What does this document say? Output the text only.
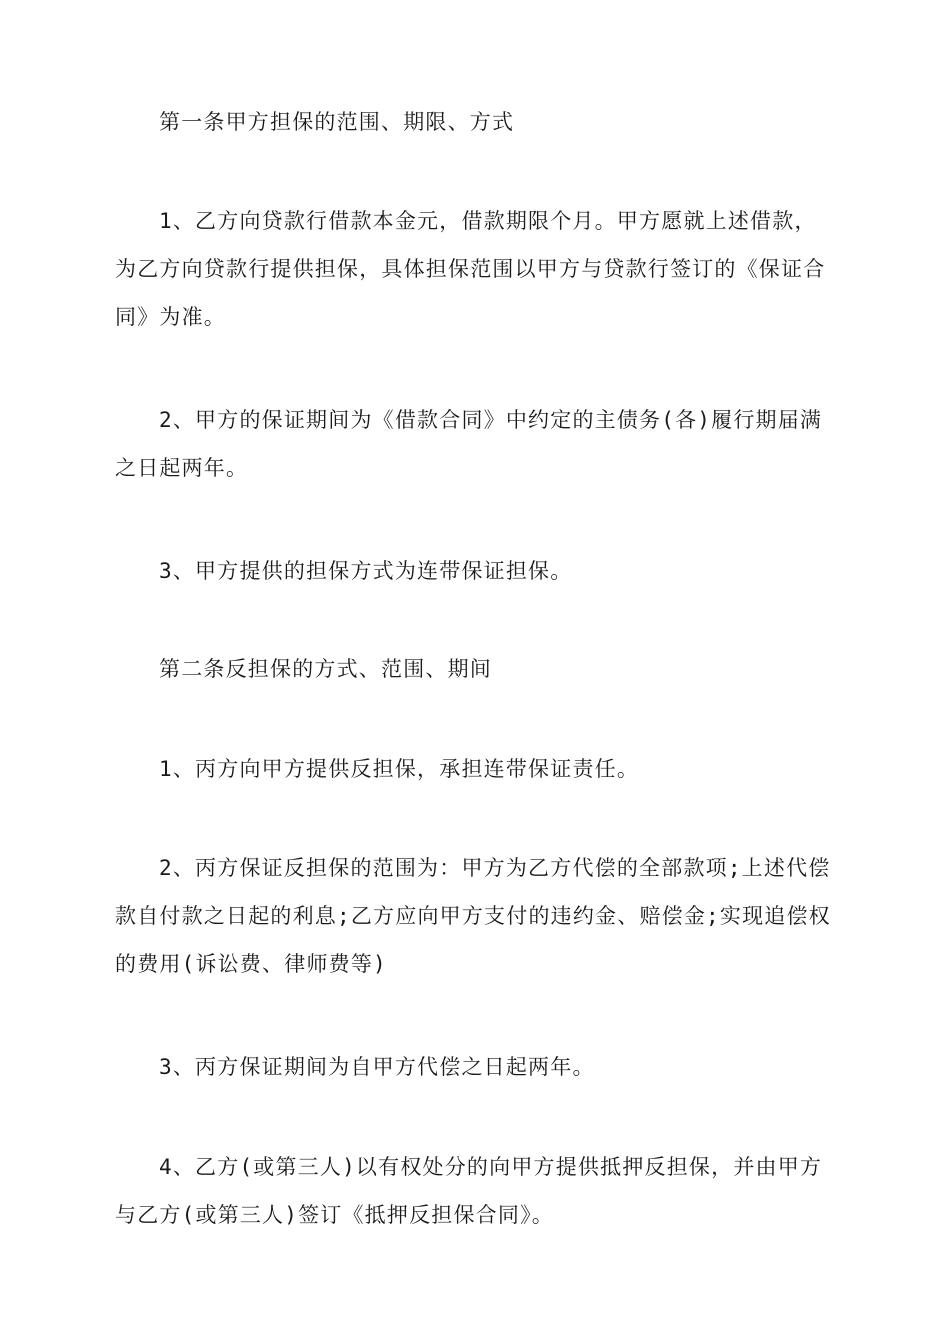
第一条甲方担保的范围、期限、方式

1、乙方向贷款行借款本金元，借款期限个月。甲方愿就上述借款，
为乙方向贷款行提供担保，具体担保范围以甲方与贷款行签订的《保证合
同》为准。

2、甲方的保证期间为《借款合同》中约定的主债务(各)履行期届满
之日起两年。

3、甲方提供的担保方式为连带保证担保。

第二条反担保的方式、范围、期间

1、丙方向甲方提供反担保，承担连带保证责任。

2、丙方保证反担保的范围为：甲方为乙方代偿的全部款项;上述代偿
款自付款之日起的利息;乙方应向甲方支付的违约金、赔偿金;实现追偿权
的费用(诉讼费、律师费等)

3、丙方保证期间为自甲方代偿之日起两年。

4、乙方(或第三人)以有权处分的向甲方提供抵押反担保，并由甲方
与乙方(或第三人)签订《抵押反担保合同》。
